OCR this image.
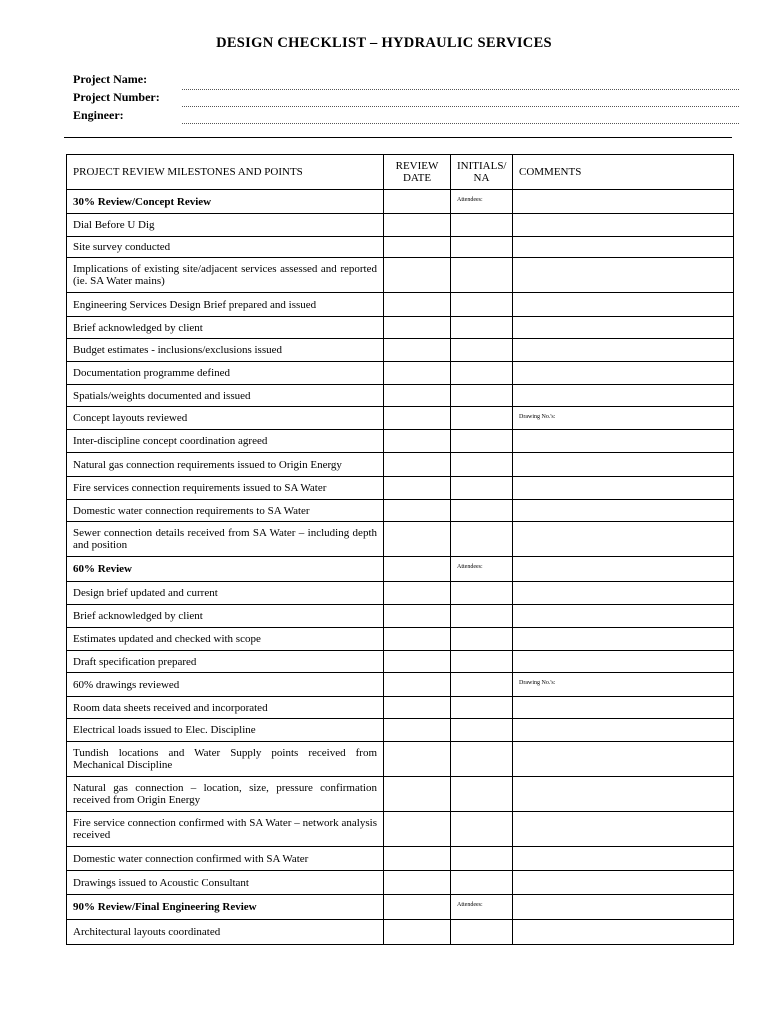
DESIGN CHECKLIST – HYDRAULIC SERVICES
Project Name:
Project Number:
Engineer:
PROJECT REVIEW MILESTONES AND POINTS	REVIEW DATE	INITIALS/ NA	COMMENTS
30% Review/Concept Review		Attendees:	

Dial Before U Dig			
Site survey conducted			
Implications of existing site/adjacent services assessed and reported (ie. SA Water mains)			
Engineering Services Design Brief prepared and issued			
Brief acknowledged by client			
Budget estimates - inclusions/exclusions issued			
Documentation programme defined			
Spatials/weights documented and issued			
Concept layouts reviewed			Drawing No.'s:

Inter-discipline concept coordination agreed			
Natural gas connection requirements issued to Origin Energy			
Fire services connection requirements issued to SA Water			
Domestic water connection requirements to SA Water			
Sewer connection details received from SA Water – including depth and position			
60% Review		Attendees:	

Design brief updated and current			
Brief acknowledged by client			
Estimates updated and checked with scope			
Draft specification prepared			
60% drawings reviewed			Drawing No.'s:

Room data sheets received and incorporated			
Electrical loads issued to Elec. Discipline			
Tundish locations and Water Supply points received from Mechanical Discipline			
Natural gas connection – location, size, pressure confirmation received from Origin Energy			
Fire service connection confirmed with SA Water – network analysis received			
Domestic water connection confirmed with SA Water			
Drawings issued to Acoustic Consultant			
90% Review/Final Engineering Review		Attendees:	

Architectural layouts coordinated			
